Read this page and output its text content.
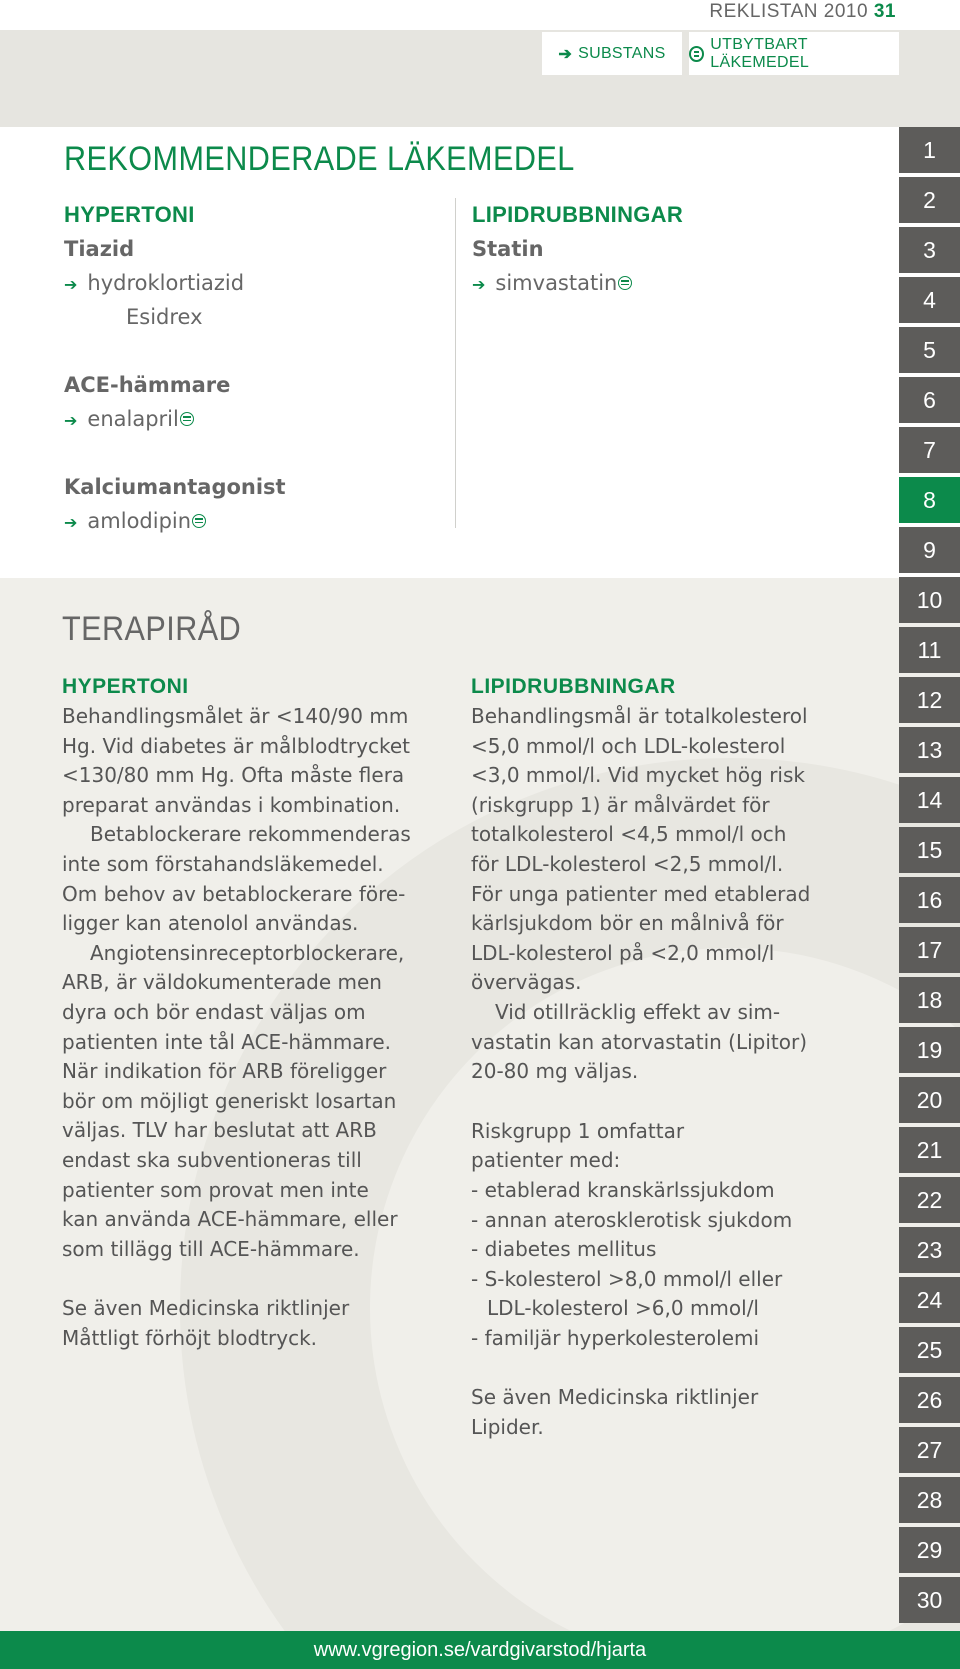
REKLISTAN 2010 31
➔ SUBSTANS
UTBYTBART LÄKEMEDEL
REKOMMENDERADE LÄKEMEDEL
HYPERTONI
Tiazid
➔ hydroklortiazid
Esidrex
ACE-hämmare
➔ enalapril
Kalciumantagonist
➔ amlodipin
LIPIDRUBBNINGAR
Statin
➔ simvastatin
TERAPIRÅD
HYPERTONI
Behandlingsmålet är <140/90 mm
Hg. Vid diabetes är målblodtrycket
<130/80 mm Hg. Ofta måste flera
preparat användas i kombination.
Betablockerare rekommenderas
inte som förstahandsläkemedel.
Om behov av betablockerare före-
ligger kan atenolol användas.
Angiotensinreceptorblockerare,
ARB, är väldokumenterade men
dyra och bör endast väljas om
patienten inte tål ACE-hämmare.
När indikation för ARB föreligger
bör om möjligt generiskt losartan
väljas. TLV har beslutat att ARB
endast ska subventioneras till
patienter som provat men inte
kan använda ACE-hämmare, eller
som tillägg till ACE-hämmare.
Se även Medicinska riktlinjer
Måttligt förhöjt blodtryck.
LIPIDRUBBNINGAR
Behandlingsmål är totalkolesterol
<5,0 mmol/l och LDL-kolesterol
<3,0 mmol/l. Vid mycket hög risk
(riskgrupp 1) är målvärdet för
totalkolesterol <4,5 mmol/l och
för LDL-kolesterol <2,5 mmol/l.
För unga patienter med etablerad
kärlsjukdom bör en målnivå för
LDL-kolesterol på <2,0 mmol/l
övervägas.
Vid otillräcklig effekt av sim-
vastatin kan atorvastatin (Lipitor)
20-80 mg väljas.
Riskgrupp 1 omfattar
patienter med:
- etablerad kranskärlssjukdom
- annan aterosklerotisk sjukdom
- diabetes mellitus
- S-kolesterol >8,0 mmol/l eller
LDL-kolesterol >6,0 mmol/l
- familjär hyperkolesterolemi
Se även Medicinska riktlinjer
Lipider.
1
2
3
4
5
6
7
8
9
10
11
12
13
14
15
16
17
18
19
20
21
22
23
24
25
26
27
28
29
30
www.vgregion.se/vardgivarstod/hjarta
